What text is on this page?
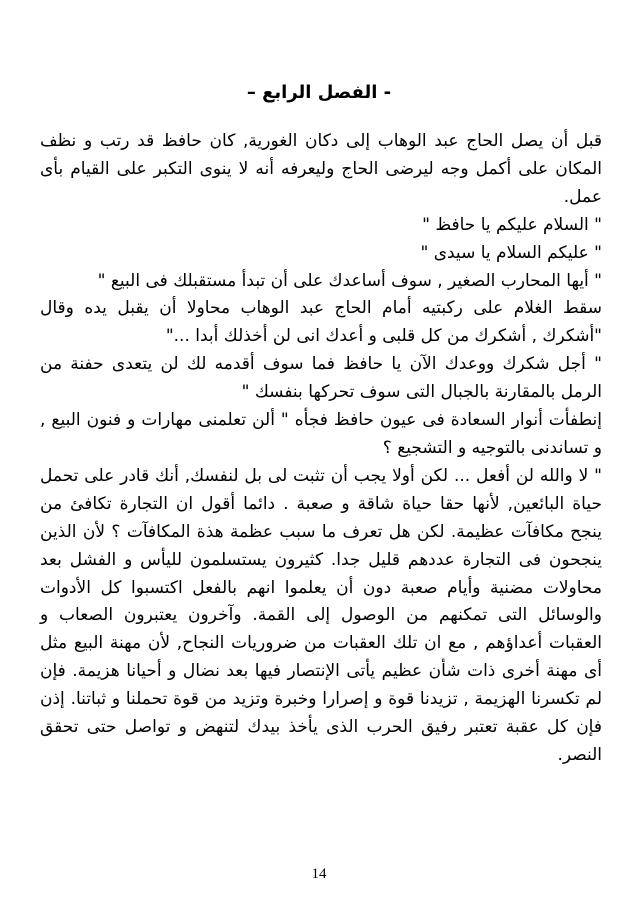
- الفصل الرابع –

قبل أن يصل الحاج عبد الوهاب إلى دكان الغورية, كان حافظ قد رتب و نظف المكان على أكمل وجه ليرضى الحاج وليعرفه أنه لا ينوى التكبر على القيام بأى عمل.

" السلام عليكم يا حافظ "

" عليكم السلام يا سيدى "

" أيها المحارب الصغير , سوف أساعدك على أن تبدأ مستقبلك فى البيع "

سقط الغلام على ركبتيه أمام الحاج عبد الوهاب محاولا أن يقبل يده وقال "أشكرك , أشكرك من كل قلبى و أعدك انى لن أخذلك أبدا ..."

" أجل شكرك ووعدك الآن يا حافظ فما سوف أقدمه لك لن يتعدى حفنة من الرمل بالمقارنة بالجبال التى سوف تحركها بنفسك "

إنطفأت أنوار السعادة فى عيون حافظ فجأه " ألن تعلمنى مهارات و فنون البيع , و تساندنى بالتوجيه و التشجيع ؟

" لا والله لن أفعل ... لكن أولا يجب أن تثبت لى بل لنفسك, أنك قادر على تحمل حياة البائعين, لأنها حقا حياة شاقة و صعبة . دائما أقول ان التجارة تكافئ من ينجح مكافآت عظيمة. لكن هل تعرف ما سبب عظمة هذة المكافآت ؟ لأن الذين ينجحون فى التجارة عددهم قليل جدا. كثيرون يستسلمون لليأس و الفشل بعد محاولات مضنية وأيام صعبة دون أن يعلموا انهم بالفعل اكتسبوا كل الأدوات والوسائل التى تمكنهم من الوصول إلى القمة. وآخرون يعتبرون الصعاب و العقبات أعداؤهم , مع ان تلك العقبات من ضروريات النجاح, لأن مهنة البيع مثل أى مهنة أخرى ذات شأن عظيم يأتى الإنتصار فيها بعد نضال و أحيانا هزيمة. فإن لم تكسرنا الهزيمة , تزيدنا قوة و إصرارا وخبرة وتزيد من قوة تحملنا و ثباتنا. إذن فإن كل عقبة تعتبر رفيق الحرب الذى يأخذ بيدك لتنهض و تواصل حتى تحقق النصر.

14
